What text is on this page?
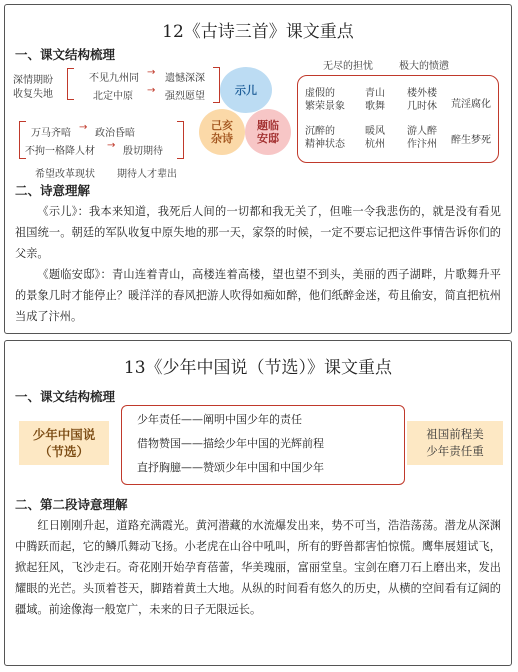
12《古诗三首》课文重点
一、课文结构梳理
深情期盼
收复失地
不见九州同
→
遗憾深深
北定中原
→
强烈愿望	示儿
己亥
杂诗
题临
安邸
万马齐喑
→
政治昏暗
不拘一格降人材
→
殷切期待
希望改革现状 期待人才辈出
无尽的担忧	极大的愤懑
虚假的
繁荣景象
沉醉的
精神状态
青山
歌舞
暖风
杭州
楼外楼
几时休
游人醉
作汴州
荒淫腐化
醉生梦死
二、诗意理解

《示儿》：我本来知道，我死后人间的一切都和我无关了，但唯一令我悲伤的，就是没有看见祖国统一。朝廷的军队收复中原失地的那一天，家祭的时候，一定不要忘记把这件事情告诉你们的父亲。

《题临安邸》：青山连着青山，高楼连着高楼，望也望不到头，美丽的西子湖畔，片歌舞升平的景象几时才能停止？暖洋洋的春风把游人吹得如痴如醉，他们纸醉金迷，苟且偷安，简直把杭州当成了汴州。

13《少年中国说（节选）》课文重点
一、课文结构梳理
少年中国说
（节选）
少年责任——阐明中国少年的责任
借物赞国——描绘少年中国的光辉前程
直抒胸臆——赞颂少年中国和中国少年
祖国前程美
少年责任重
二、第二段诗意理解

红日刚刚升起，道路充满霞光。黄河潜藏的水流爆发出来，势不可当，浩浩荡荡。潜龙从深渊中腾跃而起，它的鳞爪舞动飞扬。小老虎在山谷中吼叫，所有的野兽都害怕惊慌。鹰隼展翅试飞，掀起狂风，飞沙走石。奇花刚开始孕育蓓蕾，华美瑰丽，富丽堂皇。宝剑在磨刀石上磨出来，发出耀眼的光芒。头顶着苍天，脚踏着黄土大地。从纵的时间看有悠久的历史，从横的空间看有辽阔的疆域。前途像海一般宽广，未来的日子无限远长。
